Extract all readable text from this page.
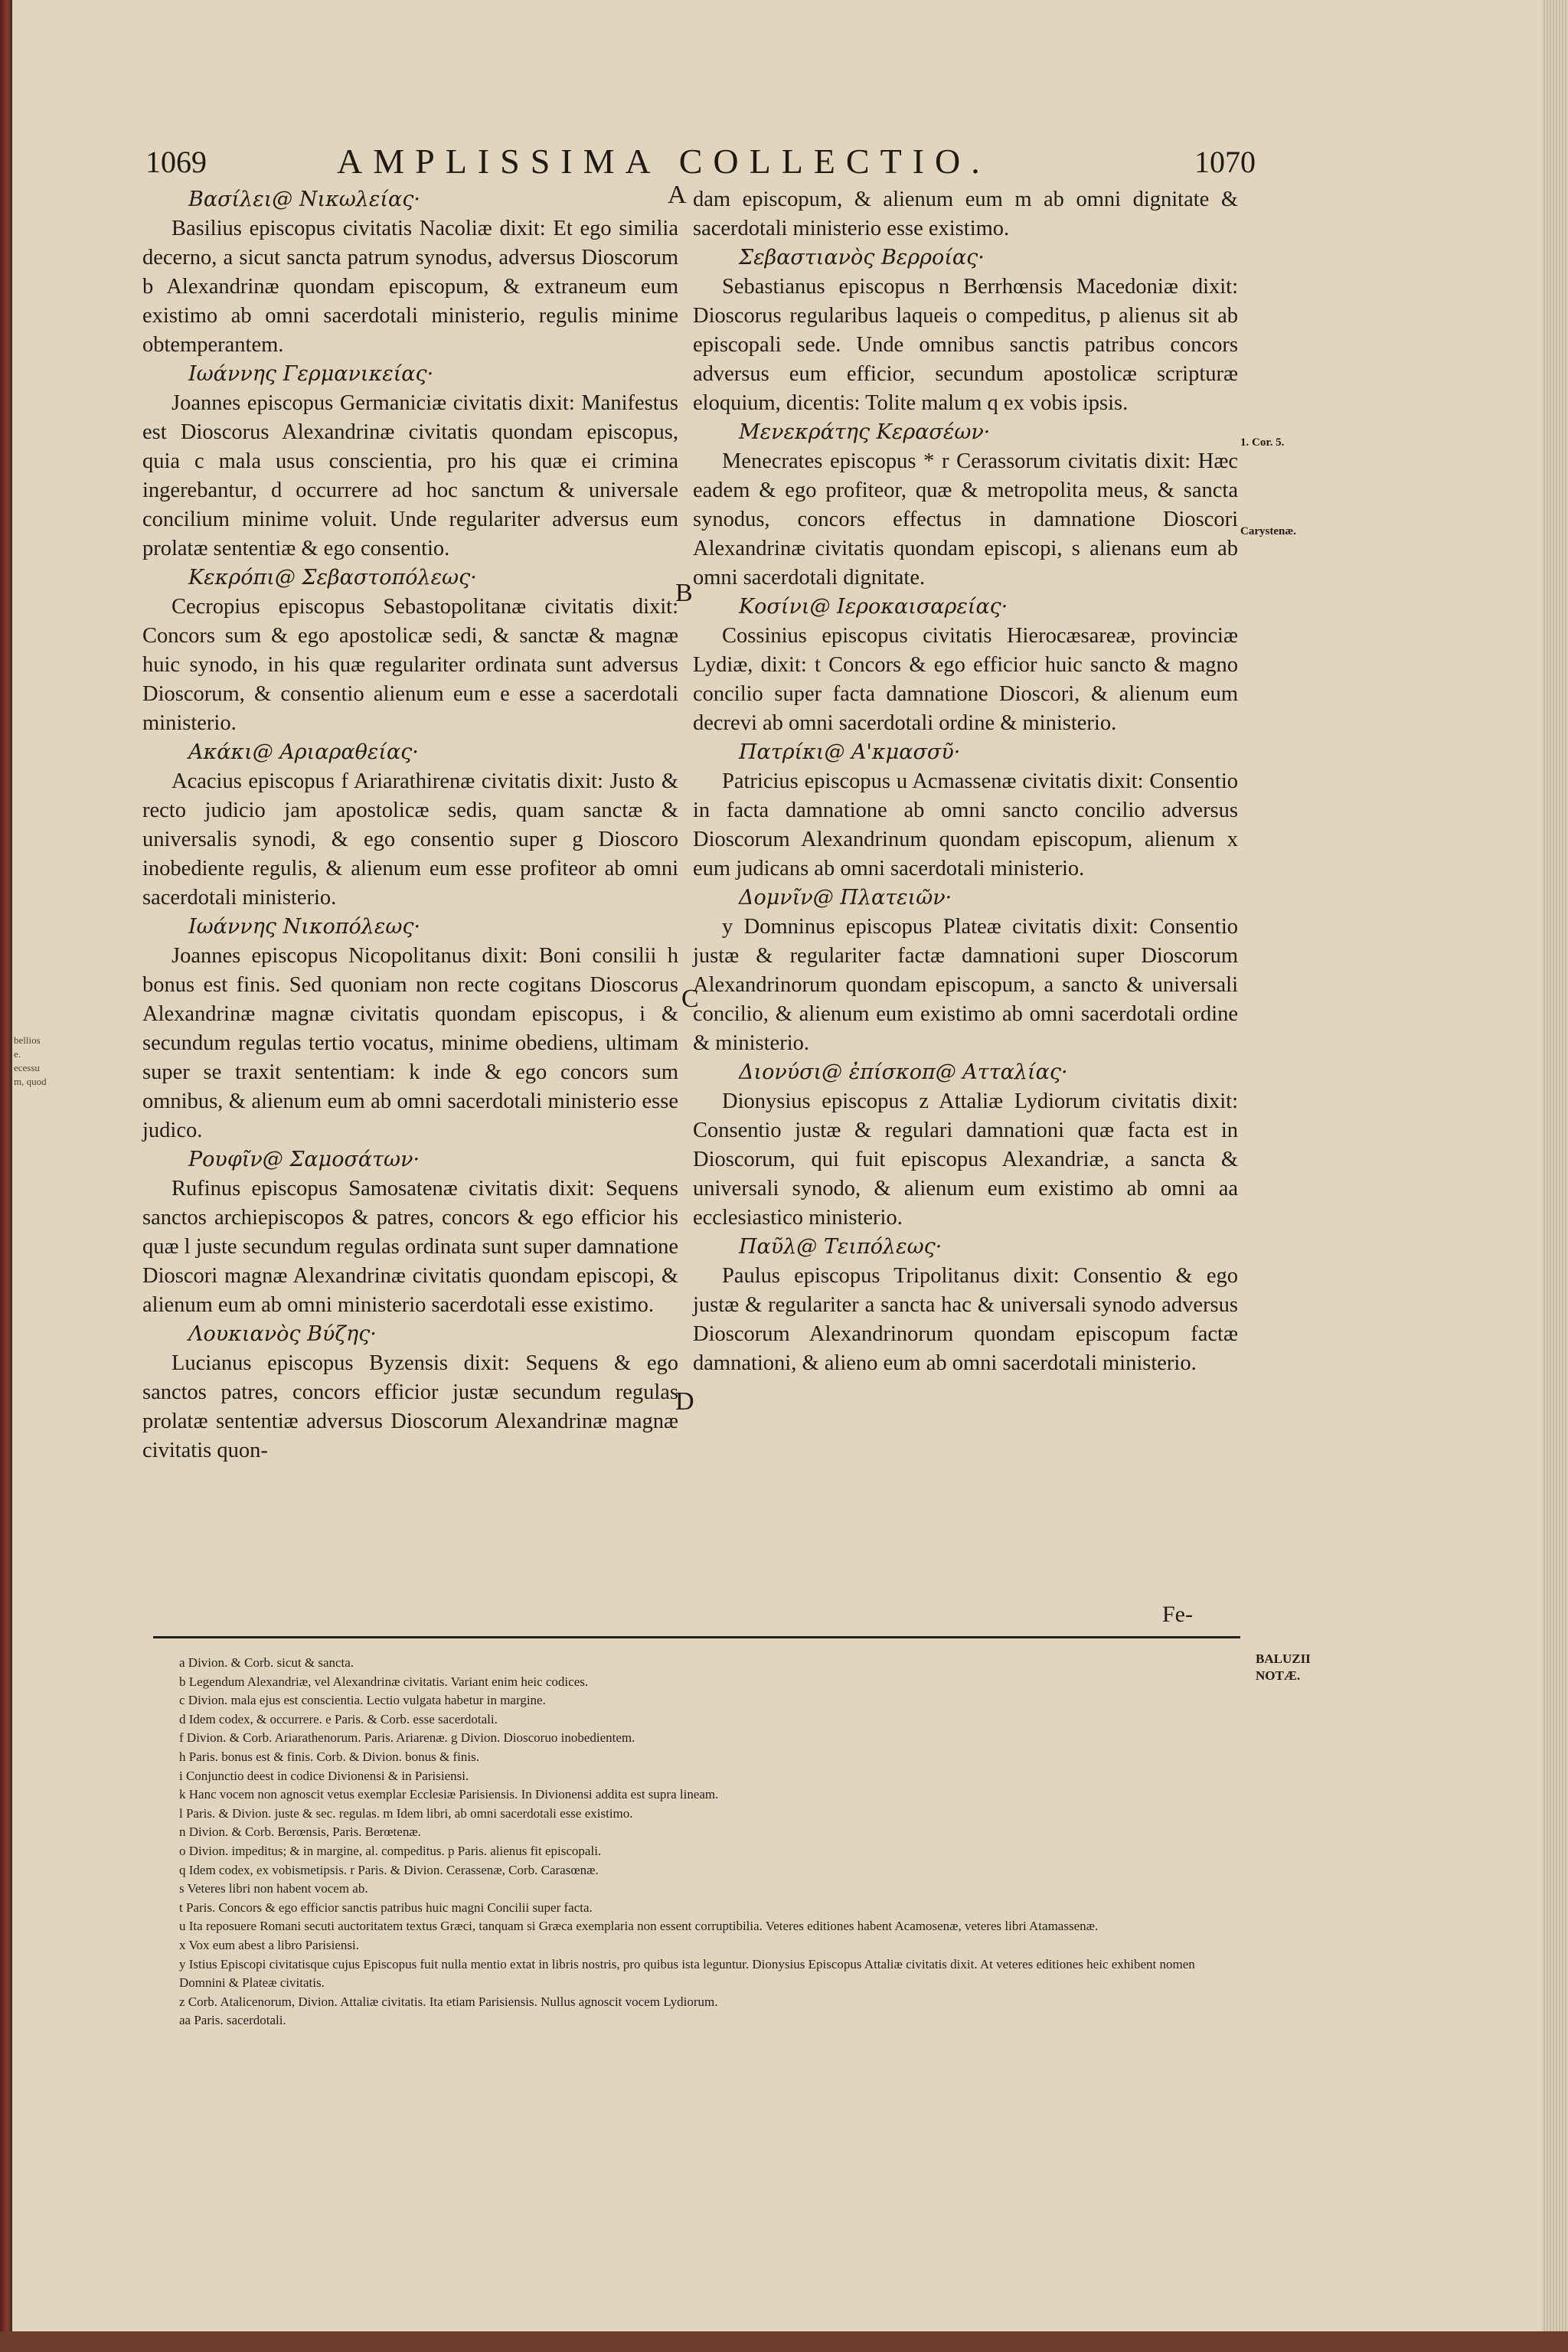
bellios
e.
ecessu
m, quod
1069	AMPLISSIMA COLLECTIO.	1070

Βασίλει@ Νικωλείας·

Basilius episcopus civitatis Nacoliæ dixit: Et ego similia decerno, a sicut sancta patrum synodus, adversus Dioscorum b Alexandrinæ quondam episcopum, & extraneum eum existimo ab omni sacerdotali ministerio, regulis minime obtemperantem.

Ιωάννης Γερμανικείας·

Joannes episcopus Germaniciæ civitatis dixit: Manifestus est Dioscorus Alexandrinæ civitatis quondam episcopus, quia c mala usus conscientia, pro his quæ ei crimina ingerebantur, d occurrere ad hoc sanctum & universale concilium minime voluit. Unde regulariter adversus eum prolatæ sententiæ & ego consentio.

Κεκρόπι@ Σεβαστοπόλεως·

Cecropius episcopus Sebastopolitanæ civitatis dixit: Concors sum & ego apostolicæ sedi, & sanctæ & magnæ huic synodo, in his quæ regulariter ordinata sunt adversus Dioscorum, & consentio alienum eum e esse a sacerdotali ministerio.

Ακάκι@ Αριαραθείας·

Acacius episcopus f Ariarathirenæ civitatis dixit: Justo & recto judicio jam apostolicæ sedis, quam sanctæ & universalis synodi, & ego consentio super g Dioscoro inobediente regulis, & alienum eum esse profiteor ab omni sacerdotali ministerio.

Ιωάννης Νικοπόλεως·

Joannes episcopus Nicopolitanus dixit: Boni consilii h bonus est finis. Sed quoniam non recte cogitans Dioscorus Alexandrinæ magnæ civitatis quondam episcopus, i & secundum regulas tertio vocatus, minime obediens, ultimam super se traxit sententiam: k inde & ego concors sum omnibus, & alienum eum ab omni sacerdotali ministerio esse judico.

Ρουφῖν@ Σαμοσάτων·

Rufinus episcopus Samosatenæ civitatis dixit: Sequens sanctos archiepiscopos & patres, concors & ego efficior his quæ l juste secundum regulas ordinata sunt super damnatione Dioscori magnæ Alexandrinæ civitatis quondam episcopi, & alienum eum ab omni ministerio sacerdotali esse existimo.

Λουκιανὸς Βύζης·

Lucianus episcopus Byzensis dixit: Sequens & ego sanctos patres, concors efficior justæ secundum regulas prolatæ sententiæ adversus Dioscorum Alexandrinæ magnæ civitatis quon-

dam episcopum, & alienum eum m ab omni dignitate & sacerdotali ministerio esse existimo.

Σεβαστιανὸς Βερροίας·

Sebastianus episcopus n Berrhœnsis Macedoniæ dixit: Dioscorus regularibus laqueis o compeditus, p alienus sit ab episcopali sede. Unde omnibus sanctis patribus concors adversus eum efficior, secundum apostolicæ scripturæ eloquium, dicentis: Tolite malum q ex vobis ipsis.

Μενεκράτης Κερασέων·

Menecrates episcopus * r Cerassorum civitatis dixit: Hæc eadem & ego profiteor, quæ & metropolita meus, & sancta synodus, concors effectus in damnatione Dioscori Alexandrinæ civitatis quondam episcopi, s alienans eum ab omni sacerdotali dignitate.

Κοσίνι@ Ιεροκαισαρείας·

Cossinius episcopus civitatis Hierocæsareæ, provinciæ Lydiæ, dixit: t Concors & ego efficior huic sancto & magno concilio super facta damnatione Dioscori, & alienum eum decrevi ab omni sacerdotali ordine & ministerio.

Πατρίκι@ Α'κμασσῦ·

Patricius episcopus u Acmassenæ civitatis dixit: Consentio in facta damnatione ab omni sancto concilio adversus Dioscorum Alexandrinum quondam episcopum, alienum x eum judicans ab omni sacerdotali ministerio.

Δομνῖν@ Πλατειῶν·

y Domninus episcopus Plateæ civitatis dixit: Consentio justæ & regulariter factæ damnationi super Dioscorum Alexandrinorum quondam episcopum, a sancto & universali concilio, & alienum eum existimo ab omni sacerdotali ordine & ministerio.

Διονύσι@ ἐπίσκοπ@ Ατταλίας·

Dionysius episcopus z Attaliæ Lydiorum civitatis dixit: Consentio justæ & regulari damnationi quæ facta est in Dioscorum, qui fuit episcopus Alexandriæ, a sancta & universali synodo, & alienum eum existimo ab omni aa ecclesiastico ministerio.

Παῦλ@ Τειπόλεως·

Paulus episcopus Tripolitanus dixit: Consentio & ego justæ & regulariter a sancta hac & universali synodo adversus Dioscorum Alexandrinorum quondam episcopum factæ damnationi, & alieno eum ab omni sacerdotali ministerio.

A
B
C
D
1. Cor. 5.
Carystenæ.
Fe-
BALUZII NOTÆ.

a Divion. & Corb. sicut & sancta.

b Legendum Alexandriæ, vel Alexandrinæ civitatis. Variant enim heic codices.

c Divion. mala ejus est conscientia. Lectio vulgata habetur in margine.

d Idem codex, & occurrere. e Paris. & Corb. esse sacerdotali.

f Divion. & Corb. Ariarathenorum. Paris. Ariarenæ. g Divion. Dioscoruo inobedientem.

h Paris. bonus est & finis. Corb. & Divion. bonus & finis.

i Conjunctio deest in codice Divionensi & in Parisiensi.

k Hanc vocem non agnoscit vetus exemplar Ecclesiæ Parisiensis. In Divionensi addita est supra lineam.

l Paris. & Divion. juste & sec. regulas. m Idem libri, ab omni sacerdotali esse existimo.

n Divion. & Corb. Berœnsis, Paris. Berœtenæ.

o Divion. impeditus; & in margine, al. compeditus. p Paris. alienus fit episcopali.

q Idem codex, ex vobismetipsis. r Paris. & Divion. Cerassenæ, Corb. Carasœnæ.

s Veteres libri non habent vocem ab.

t Paris. Concors & ego efficior sanctis patribus huic magni Concilii super facta.

u Ita reposuere Romani secuti auctoritatem textus Græci, tanquam si Græca exemplaria non essent corruptibilia. Veteres editiones habent Acamosenæ, veteres libri Atamassenæ.

x Vox eum abest a libro Parisiensi.

y Istius Episcopi civitatisque cujus Episcopus fuit nulla mentio extat in libris nostris, pro quibus ista leguntur. Dionysius Episcopus Attaliæ civitatis dixit. At veteres editiones heic exhibent nomen Domnini & Plateæ civitatis.

z Corb. Atalicenorum, Divion. Attaliæ civitatis. Ita etiam Parisiensis. Nullus agnoscit vocem Lydiorum.

aa Paris. sacerdotali.
